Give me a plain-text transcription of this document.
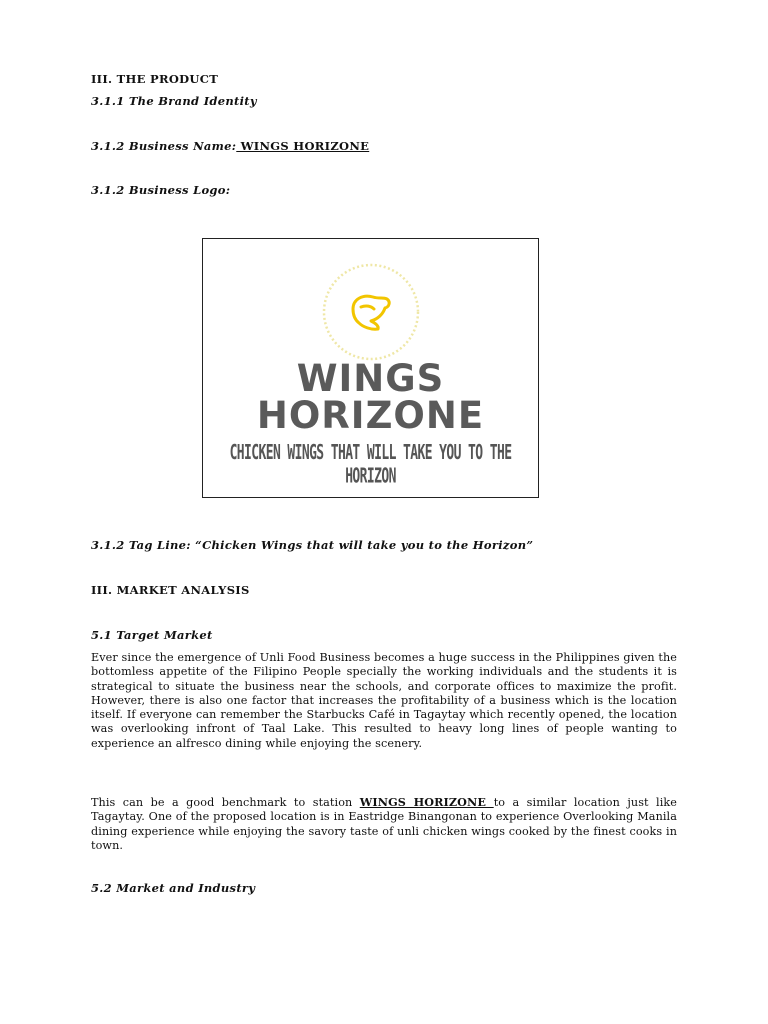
III. THE PRODUCT
3.1.1 The Brand Identity
3.1.2 Business Name: WINGS HORIZONE
3.1.2 Business Logo:
WINGS
HORIZONE
CHICKEN WINGS THAT WILL TAKE YOU TO THE HORIZON
3.1.2 Tag Line: “Chicken Wings that will take you to the Horizon”
III. MARKET ANALYSIS
5.1 Target Market
Ever since the emergence of Unli Food Business becomes a huge success in the Philippines given the bottomless appetite of the Filipino People specially the working individuals and the students it is strategical to situate the business near the schools, and corporate offices to maximize the profit. However, there is also one factor that increases the profitability of a business which is the location itself. If everyone can remember the Starbucks Café in Tagaytay which recently opened, the location was overlooking infront of Taal Lake. This resulted to heavy long lines of people wanting to experience an alfresco dining while enjoying the scenery.
This can be a good benchmark to station WINGS HORIZONE to a similar location just like Tagaytay. One of the proposed location is in Eastridge Binangonan to experience Overlooking Manila dining experience while enjoying the savory taste of unli chicken wings cooked by the finest cooks in town.
5.2 Market and Industry
